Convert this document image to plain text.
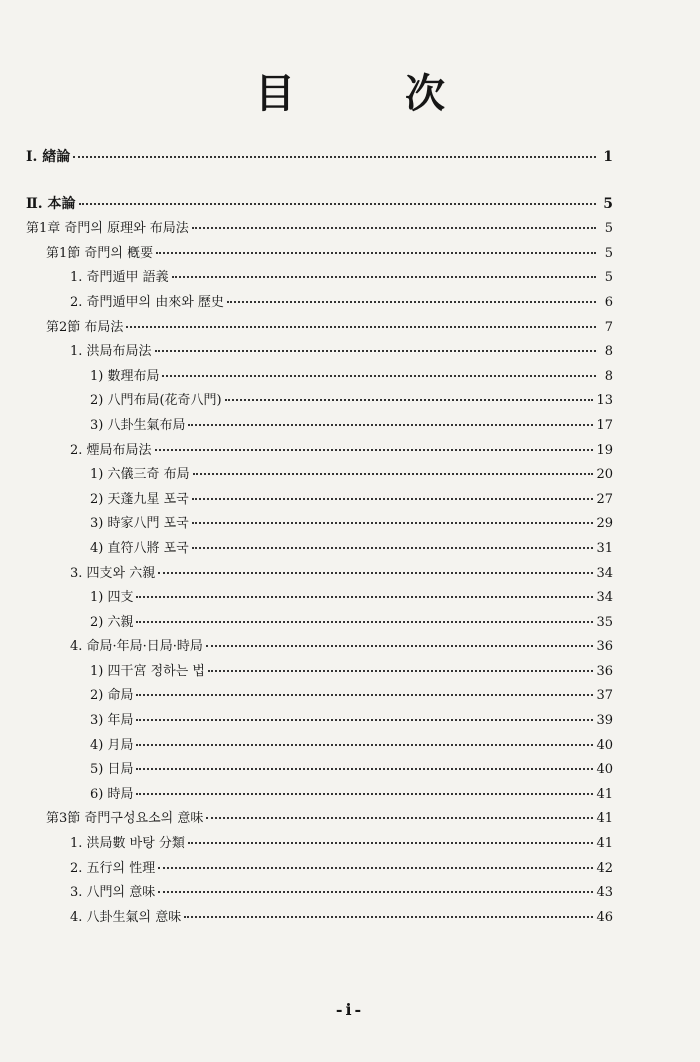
目 次
Ⅰ. 緖論	1
Ⅱ. 本論	5
第1章 奇門의 原理와 布局法	5
第1節 奇門의 槪要	5
1. 奇門遁甲 語義	5
2. 奇門遁甲의 由來와 歷史	6
第2節 布局法	7
1. 洪局布局法	8
1) 數理布局	8
2) 八門布局(花奇八門)	13
3) 八卦生氣布局	17
2. 煙局布局法	19
1) 六儀三奇 布局	20
2) 天蓬九星 포국	27
3) 時家八門 포국	29
4) 直符八將 포국	31
3. 四支와 六親	34
1) 四支	34
2) 六親	35
4. 命局·年局·日局·時局	36
1) 四干宮 정하는 법	36
2) 命局	37
3) 年局	39
4) 月局	40
5) 日局	40
6) 時局	41
第3節 奇門구성요소의 意味	41
1. 洪局數 바탕 分類	41
2. 五行의 性理	42
3. 八門의 意味	43
4. 八卦生氣의 意味	46
-i-
